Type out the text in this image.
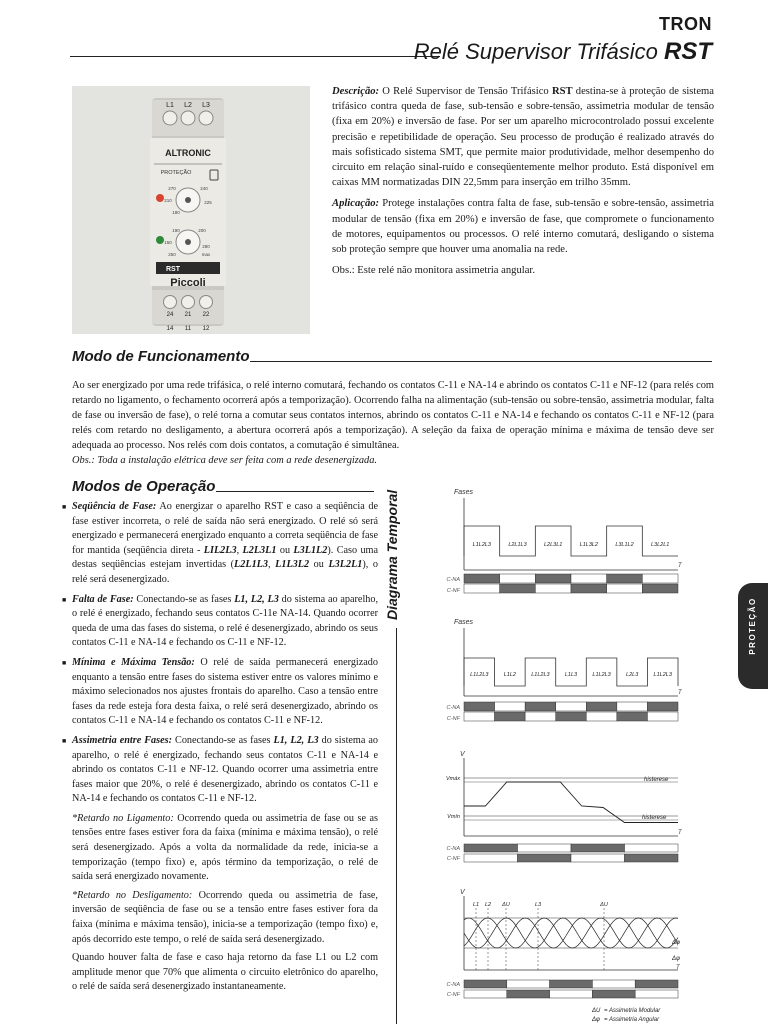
TRON
Relé Supervisor Trifásico RST
L1 L2 L3
ALTRONIC
PROTEÇÃO
270	240
210	225
180
190
150
200
250
280
max
RST
Piccoli
24 21 22
14 11 12

Descrição: O Relé Supervisor de Tensão Trifásico RST destina-se à proteção de sistema trifásico contra queda de fase, sub-tensão e sobre-tensão, assimetria modular de tensão (fixa em 20%) e inversão de fase. Por ser um aparelho microcontrolado possui excelente precisão e repetibilidade de operação. Seu processo de produção é realizado através do mais sofisticado sistema SMT, que permite maior produtividade, melhor desempenho do circuito em relação sinal-ruído e conseqüentemente melhor produto. Está disponível em caixas MM normatizadas DIN 22,5mm para inserção em trilho 35mm.

Aplicação: Protege instalações contra falta de fase, sub-tensão e sobre-tensão, assimetria modular de tensão (fixa em 20%) e inversão de fase, que compromete o funcionamento de motores, equipamentos ou processos. O relé interno comutará, desligando o sistema sob proteção sempre que houver uma anomalia na rede.

Obs.: Este relé não monitora assimetria angular.

Modo de Funcionamento
Ao ser energizado por uma rede trifásica, o relé interno comutará, fechando os contatos C-11 e NA-14 e abrindo os contatos C-11 e NF-12 (para relés com retardo no ligamento, o fechamento ocorrerá após a temporização). Ocorrendo falha na alimentação (sub-tensão ou sobre-tensão, assimetria modular, falta de fase ou inversão de fase), o relé torna a comutar seus contatos internos, abrindo os contatos C-11 e NA-14 e fechando os contatos C-11 e NF-12 (para relés com retardo no desligamento, a abertura ocorrerá após a temporização). A seleção da faixa de operação mínima e máxima de tensão deve ser adequada ao processo. Nos relés com dois contatos, a comutação é simultânea.
Obs.: Toda a instalação elétrica deve ser feita com a rede desenergizada.
Modos de Operação
■ Seqüência de Fase: Ao energizar o aparelho RST e caso a seqüência de fase estiver incorreta, o relé de saída não será energizado. O relé só será energizado e permanecerá energizado enquanto a correta seqüência de fase for mantida (seqüência direta - LIL2L3, L2L3L1 ou L3L1L2). Caso uma destas seqüências estejam invertidas (L2L1L3, L1L3L2 ou L3L2L1), o relé será desenergizado.
■ Falta de Fase: Conectando-se as fases L1, L2, L3 do sistema ao aparelho, o relé é energizado, fechando seus contatos C-11e NA-14. Quando ocorrer queda de uma das fases do sistema, o relé é desenergizado, abrindo os seus contatos C-11 e NA-14 e fechando os C-11 e NF-12.
■ Mínima e Máxima Tensão: O relé de saída permanecerá energizado enquanto a tensão entre fases do sistema estiver entre os valores mínimo e máximo selecionados nos ajustes frontais do aparelho. Caso a tensão entre fases da rede esteja fora desta faixa, o relé será desenergizado, abrindo os contatos C-11 e NA-14 e fechando os contatos C-11 e NF-12.
■ Assimetria entre Fases: Conectando-se as fases L1, L2, L3 do sistema ao aparelho, o relé é energizado, fechando seus contatos C-11 e NA-14 e abrindo os contatos C-11 e NF-12. Quando ocorrer uma assimetria entre fases maior que 20%, o relé é desenergizado, abrindo os contatos C-11 e NA-14 e fechando os contatos C-11 e NF-12.
*Retardo no Ligamento: Ocorrendo queda ou assimetria de fase ou se as tensões entre fases estiver fora da faixa (mínima e máxima tensão), o relé será desenergizado. Após a volta da normalidade da rede, inicia-se a temporização (tempo fixo) e, após término da temporização, o relé de saída será energizado novamente.
*Retardo no Desligamento: Ocorrendo queda ou assimetria de fase, inversão de seqüência de fase ou se a tensão entre fases estiver fora da faixa (mínima e máxima tensão), inicia-se a temporização (tempo fixo) e, após decorrido este tempo, o relé de saída será desenergizado.
Quando houver falta de fase e caso haja retorno da fase L1 ou L2 com amplitude menor que 70% que alimenta o circuito eletrônico do aparelho, o relé de saída será desenergizado instantaneamente.
Diagrama Temporal
PROTEÇÃO
Fases
T
L1L2L3	L2L1L3	L2L3L1	L1L3L2	L3L1L2	L3L2L1
C-NA
C-NF
Fases
T
L1L2L3	L1L2	L1L2L3	L1L3	L1L2L3	L2L3	L1L2L3
C-NA
C-NF
V
T
Vmáx
Vmín
histerese
histerese
C-NA
C-NF
V
T
L1 L2 ΔU	L3	ΔU
Δφ
Δφ
C-NA
C-NF
ΔU = Assimetria Modular
Δφ = Assimetria Angular
